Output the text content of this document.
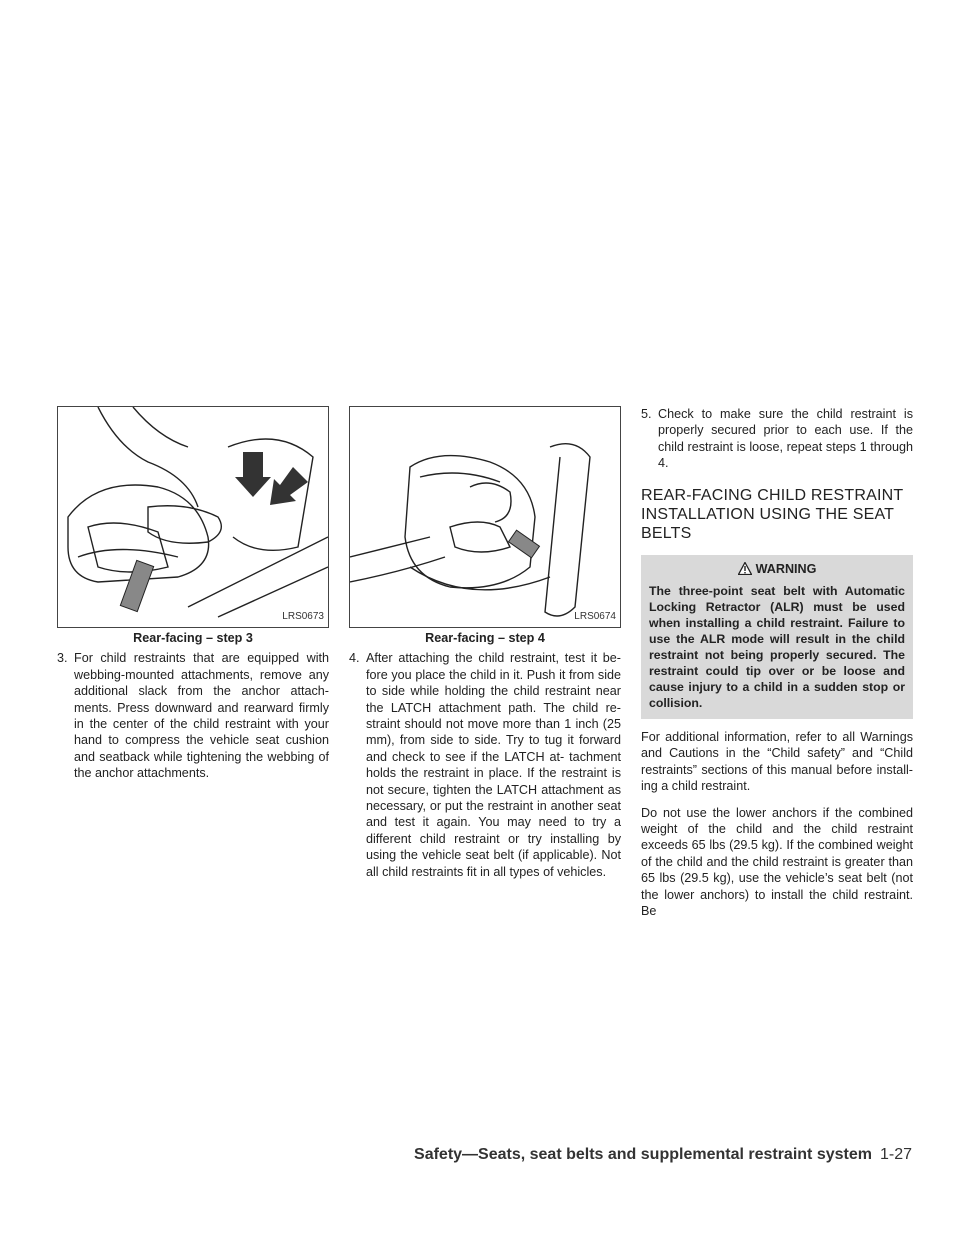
LRS0673
Rear-facing – step 3
3. For child restraints that are equipped with webbing-mounted attachments, remove any additional slack from the anchor attach- ments. Press downward and rearward firmly in the center of the child restraint with your hand to compress the vehicle seat cushion and seatback while tightening the webbing of the anchor attachments.
LRS0674
Rear-facing – step 4
4. After attaching the child restraint, test it be- fore you place the child in it. Push it from side to side while holding the child restraint near the LATCH attachment path. The child re- straint should not move more than 1 inch (25 mm), from side to side. Try to tug it forward and check to see if the LATCH at- tachment holds the restraint in place. If the restraint is not secure, tighten the LATCH attachment as necessary, or put the restraint in another seat and test it again. You may need to try a different child restraint or try installing by using the vehicle seat belt (if applicable). Not all child restraints fit in all types of vehicles.
5. Check to make sure the child restraint is properly secured prior to each use. If the child restraint is loose, repeat steps 1 through 4.
REAR-FACING CHILD RESTRAINT INSTALLATION USING THE SEAT BELTS
WARNING
The three-point seat belt with Automatic Locking Retractor (ALR) must be used when installing a child restraint. Failure to use the ALR mode will result in the child restraint not being properly secured. The restraint could tip over or be loose and cause injury to a child in a sudden stop or collision.

For additional information, refer to all Warnings and Cautions in the “Child safety” and “Child restraints” sections of this manual before install- ing a child restraint.

Do not use the lower anchors if the combined weight of the child and the child restraint exceeds 65 lbs (29.5 kg). If the combined weight of the child and the child restraint is greater than 65 lbs (29.5 kg), use the vehicle’s seat belt (not the lower anchors) to install the child restraint. Be

Safety—Seats, seat belts and supplemental restraint system 1-27
